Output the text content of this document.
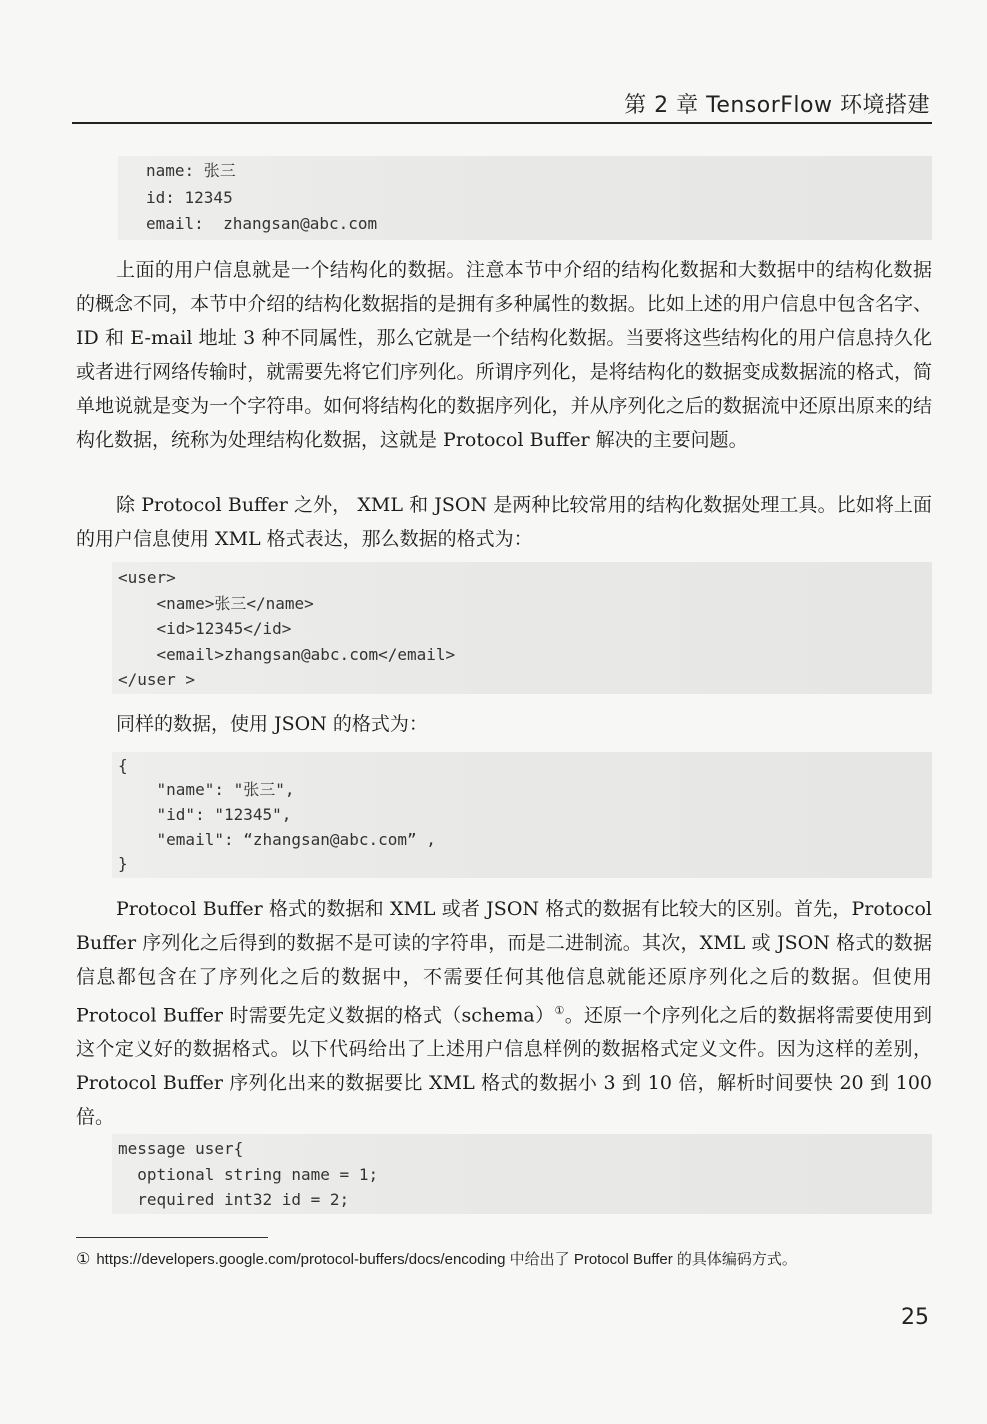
第 2 章 TensorFlow 环境搭建

name: 张三

id: 12345

email:  zhangsan@abc.com

上面的用户信息就是一个结构化的数据。注意本节中介绍的结构化数据和大数据中的结构化数据的概念不同，本节中介绍的结构化数据指的是拥有多种属性的数据。比如上述的用户信息中包含名字、ID 和 E-mail 地址 3 种不同属性，那么它就是一个结构化数据。当要将这些结构化的用户信息持久化或者进行网络传输时，就需要先将它们序列化。所谓序列化，是将结构化的数据变成数据流的格式，简单地说就是变为一个字符串。如何将结构化的数据序列化，并从序列化之后的数据流中还原出原来的结构化数据，统称为处理结构化数据，这就是 Protocol Buffer 解决的主要问题。

除 Protocol Buffer 之外， XML 和 JSON 是两种比较常用的结构化数据处理工具。比如将上面的用户信息使用 XML 格式表达，那么数据的格式为：

<user>

<name>张三</name>

<id>12345</id>

<email>zhangsan@abc.com</email>

</user >

同样的数据，使用 JSON 的格式为：

{

"name": "张三",

"id": "12345",

"email": “zhangsan@abc.com” ,

}

Protocol Buffer 格式的数据和 XML 或者 JSON 格式的数据有比较大的区别。首先，Protocol Buffer 序列化之后得到的数据不是可读的字符串，而是二进制流。其次，XML 或 JSON 格式的数据信息都包含在了序列化之后的数据中，不需要任何其他信息就能还原序列化之后的数据。但使用 Protocol Buffer 时需要先定义数据的格式（schema）①。还原一个序列化之后的数据将需要使用到这个定义好的数据格式。以下代码给出了上述用户信息样例的数据格式定义文件。因为这样的差别，Protocol Buffer 序列化出来的数据要比 XML 格式的数据小 3 到 10 倍，解析时间要快 20 到 100 倍。

message user{

optional string name = 1;

required int32 id = 2;

① https://developers.google.com/protocol-buffers/docs/encoding 中给出了 Protocol Buffer 的具体编码方式。
25
